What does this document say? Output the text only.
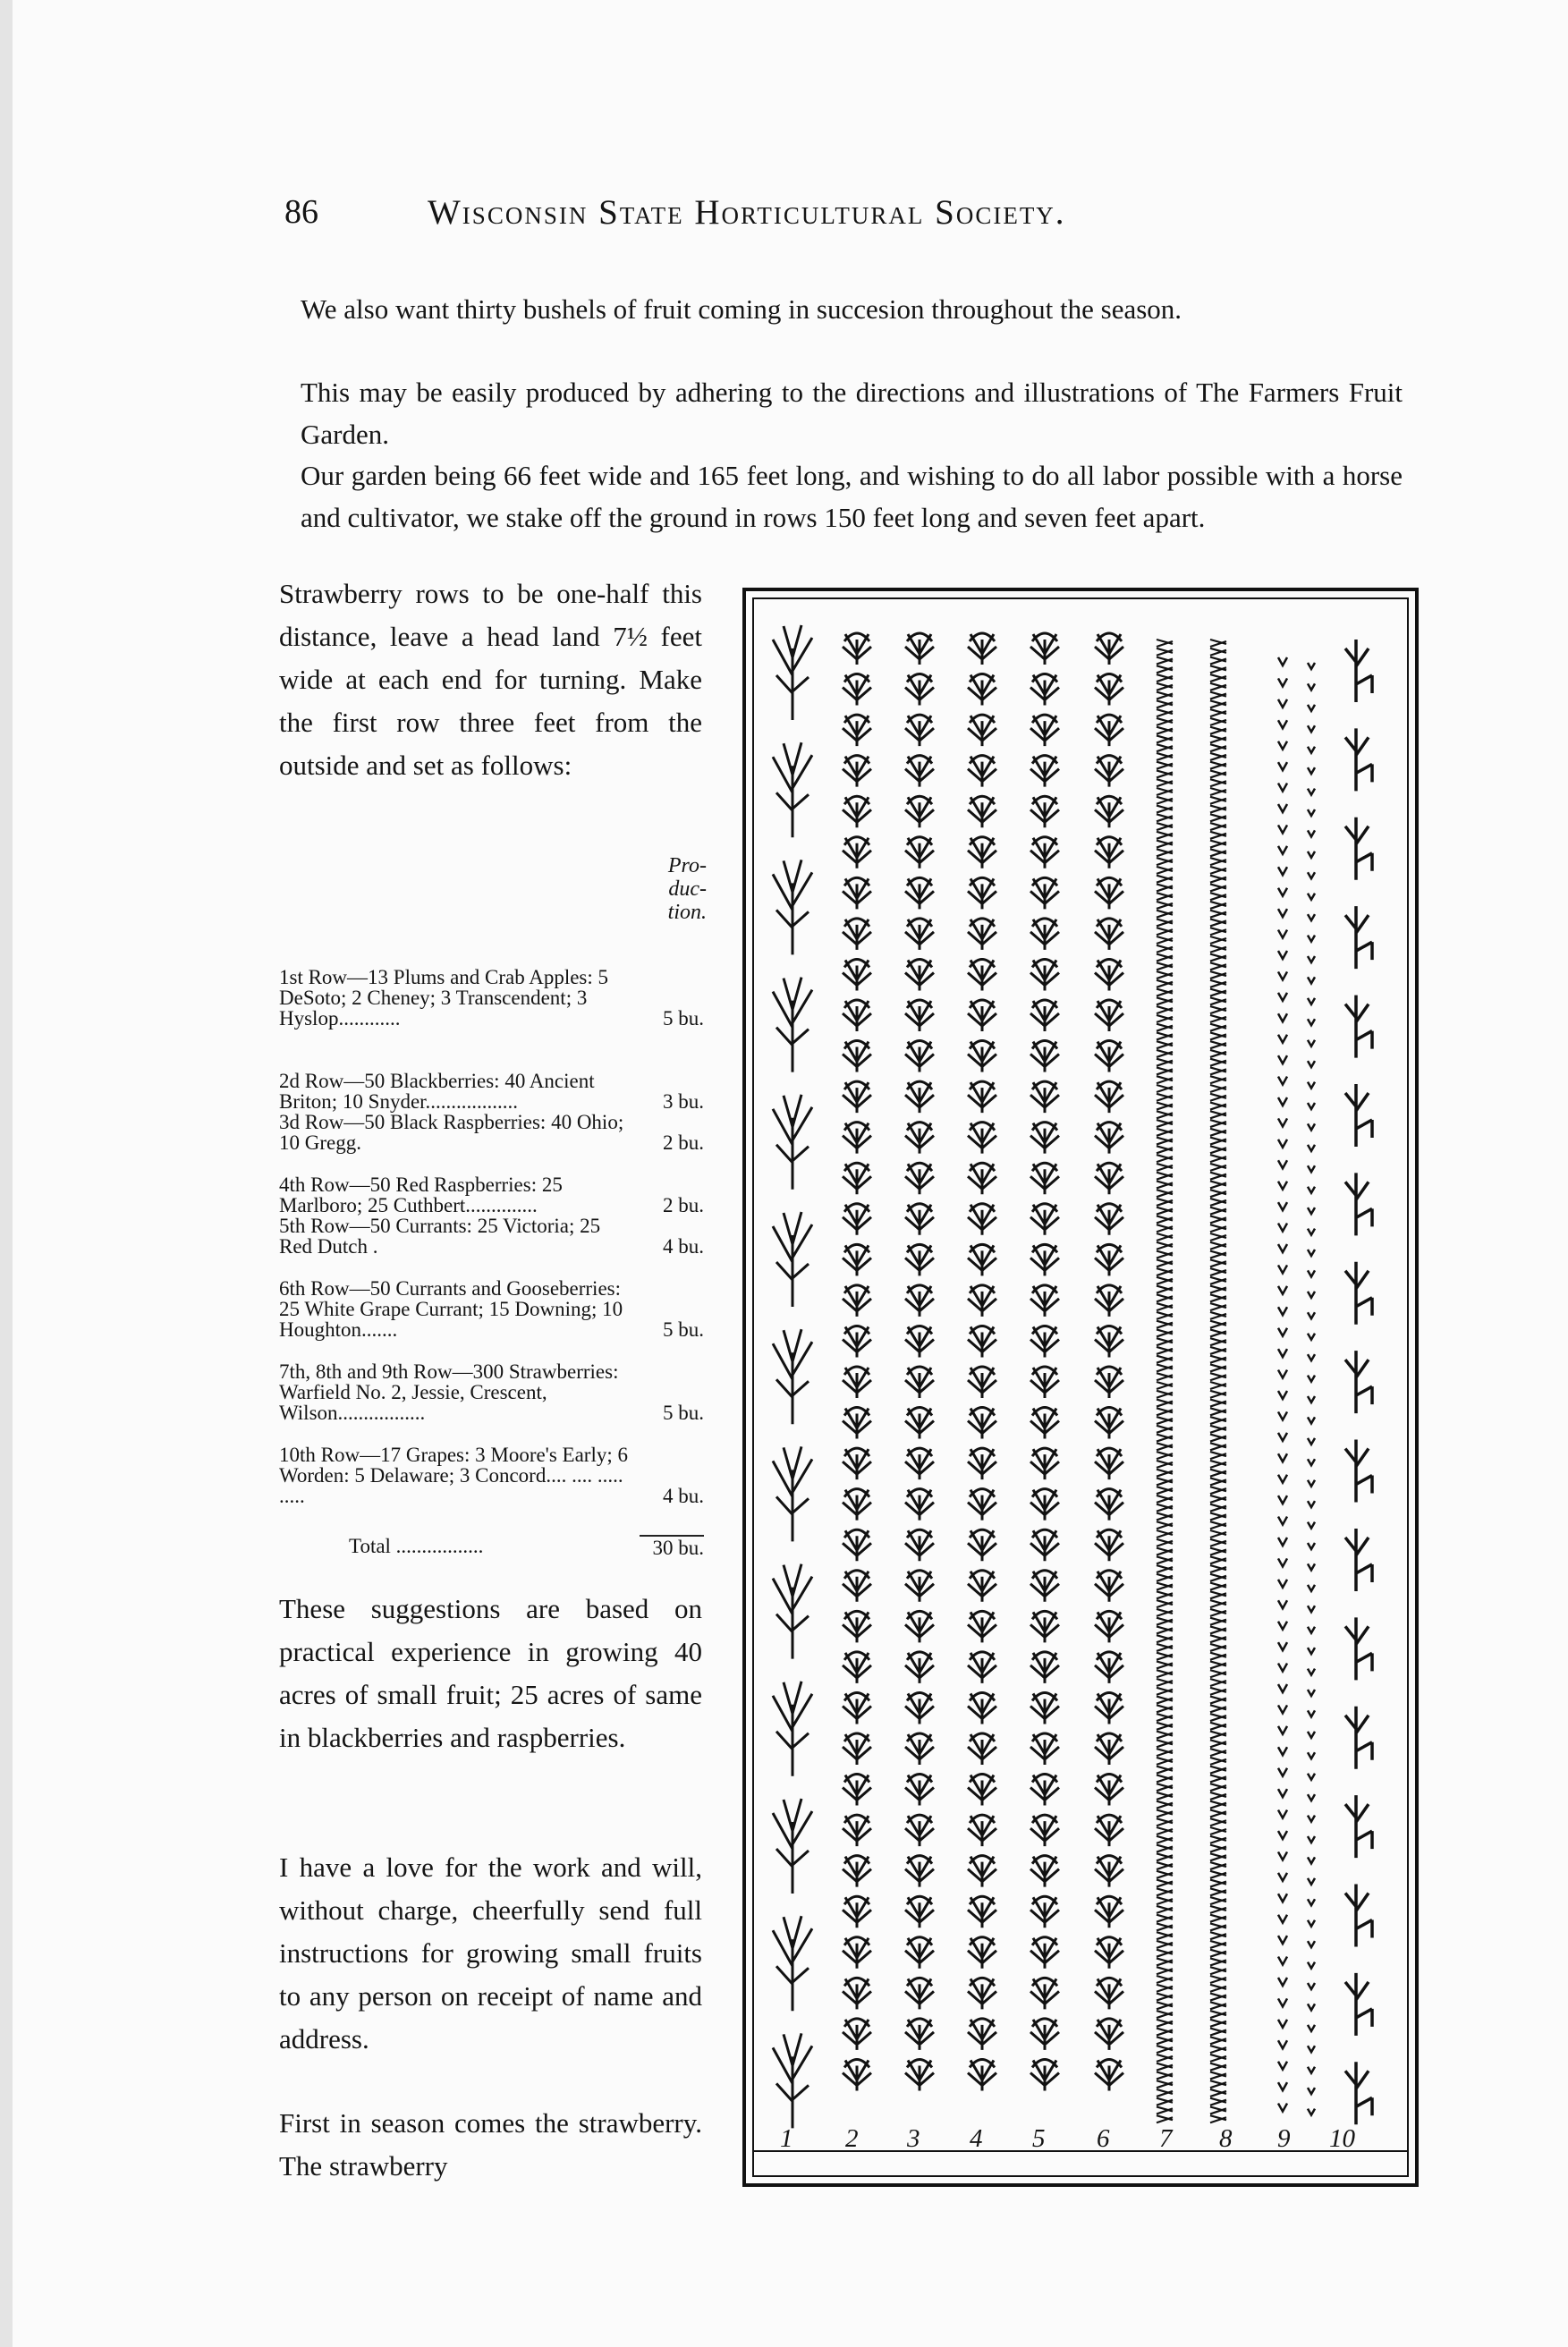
86	Wisconsin State Horticultural Society.

We also want thirty bushels of fruit coming in succesion throughout the season.

This may be easily produced by adhering to the directions and illustrations of The Farmers Fruit Garden.

Our garden being 66 feet wide and 165 feet long, and wishing to do all labor possible with a horse and cultivator, we stake off the ground in rows 150 feet long and seven feet apart.

Strawberry rows to be one-half this distance, leave a head land 7½ feet wide at each end for turning. Make the first row three feet from the outside and set as follows:

Pro-
duc-
tion.
1st Row—13 Plums and Crab Apples: 5 DeSoto; 2 Cheney; 3 Transcendent; 3 Hyslop............	5 bu.
2d Row—50 Blackberries: 40 Ancient Briton; 10 Snyder..................	3 bu.
3d Row—50 Black Raspberries: 40 Ohio; 10 Gregg.	2 bu.
4th Row—50 Red Raspberries: 25 Marlboro; 25 Cuthbert..............	2 bu.
5th Row—50 Currants: 25 Victoria; 25 Red Dutch .	4 bu.
6th Row—50 Currants and Gooseberries: 25 White Grape Currant; 15 Downing; 10 Houghton.......	5 bu.
7th, 8th and 9th Row—300 Strawberries: Warfield No. 2, Jessie, Crescent, Wilson.................	5 bu.
10th Row—17 Grapes: 3 Moore's Early; 6 Worden: 5 Delaware; 3 Concord.... .... ..... .....	4 bu.
Total .................	30 bu.

These suggestions are based on practical experience in growing 40 acres of small fruit; 25 acres of same in blackberries and raspberries.

I have a love for the work and will, without charge, cheerfully send full instructions for growing small fruits to any person on receipt of name and address.

First in season comes the strawberry. The strawberry

1 2 3 4 5 6 7 8 9 10
